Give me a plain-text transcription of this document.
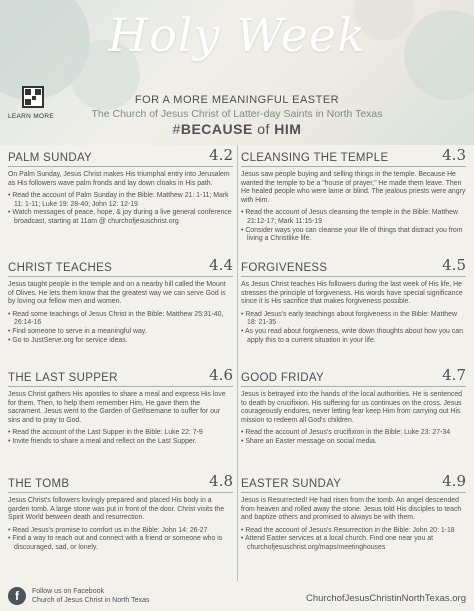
Holy Week
LEARN MORE
FOR A MORE MEANINGFUL EASTER
The Church of Jesus Christ of Latter-day Saints in North Texas
#BECAUSE of HIM
PALM SUNDAY	4.2
On Palm Sunday, Jesus Christ makes His triumphal entry into Jerusalem as His followers wave palm fronds and lay down cloaks in His path.
• Read the account of Palm Sunday in the Bible: Matthew 21: 1-11; Mark 11: 1-11; Luke 19: 28-40; John 12: 12-19
• Watch messages of peace, hope, & joy during a live general conference broadcast, starting at 11am @ churchofjesuschrist.org
CLEANSING THE TEMPLE	4.3
Jesus saw people buying and selling things in the temple. Because He wanted the temple to be a "house of prayer," He made them leave. Then He healed people who were lame or blind. The jealous priests were angry with Him.
• Read the account of Jesus cleansing the temple in the Bible: Matthew 21:12-17; Mark 11:15-19
• Consider ways you can cleanse your life of things that distract you from living a Christlike life.
CHRIST TEACHES	4.4
Jesus taught people in the temple and on a nearby hill called the Mount of Olives. He lets them know that the greatest way we can serve God is by loving our fellow men and women.
• Read some teachings of Jesus Christ in the Bible: Matthew 25:31-40, 26:14-16
• Find someone to serve in a meaningful way.
• Go to JustServe.org for service ideas.
FORGIVENESS	4.5
As Jesus Christ teaches His followers during the last week of His life, He stresses the principle of forgiveness. His words have special significance since it is His sacrifice that makes forgiveness possible.
• Read Jesus's early teachings about forgiveness in the Bible: Matthew 18: 21-35
• As you read about forgiveness, write down thoughts about how you can apply this to a current situation in your life.
THE LAST SUPPER	4.6
Jesus Christ gathers His apostles to share a meal and express His love for them. Then, to help them remember Him, He gave them the sacrament. Jesus went to the Garden of Gethsemane to suffer for our sins and to pray to God.
• Read the account of the Last Supper in the Bible: Luke 22: 7-9
• Invite friends to share a meal and reflect on the Last Supper.
GOOD FRIDAY	4.7
Jesus is betrayed into the hands of the local authorities. He is sentenced to death by crucifixion. His suffering for us continues on the cross. Jesus courageously endures, never letting fear keep Him from carrying out His mission to redeem all God's children.
• Read the account of Jesus's crucifixion in the Bible: Luke 23: 27-34
• Share an Easter message on social media.
THE TOMB	4.8
Jesus Christ's followers lovingly prepared and placed His body in a garden tomb. A large stone was put in front of the door. Christ visits the Spirit World between death and resurrection.
• Read Jesus's promise to comfort us in the Bible: John 14: 26-27
• Find a way to reach out and connect with a friend or someone who is discouraged, sad, or lonely.
EASTER SUNDAY	4.9
Jesus is Resurrected! He had risen from the tomb. An angel descended from heaven and rolled away the stone. Jesus told His disciples to teach and baptize others and promised to always be with them.
• Read the account of Jesus's Resurrection in the Bible: John 20: 1-18
• Attend Easter services at a local church. Find one near you at churchofjesuschrist.org/maps/meetinghouses
f	Follow us on Facebook
Church of Jesus Christ in North Texas	ChurchofJesusChristinNorthTexas.org
